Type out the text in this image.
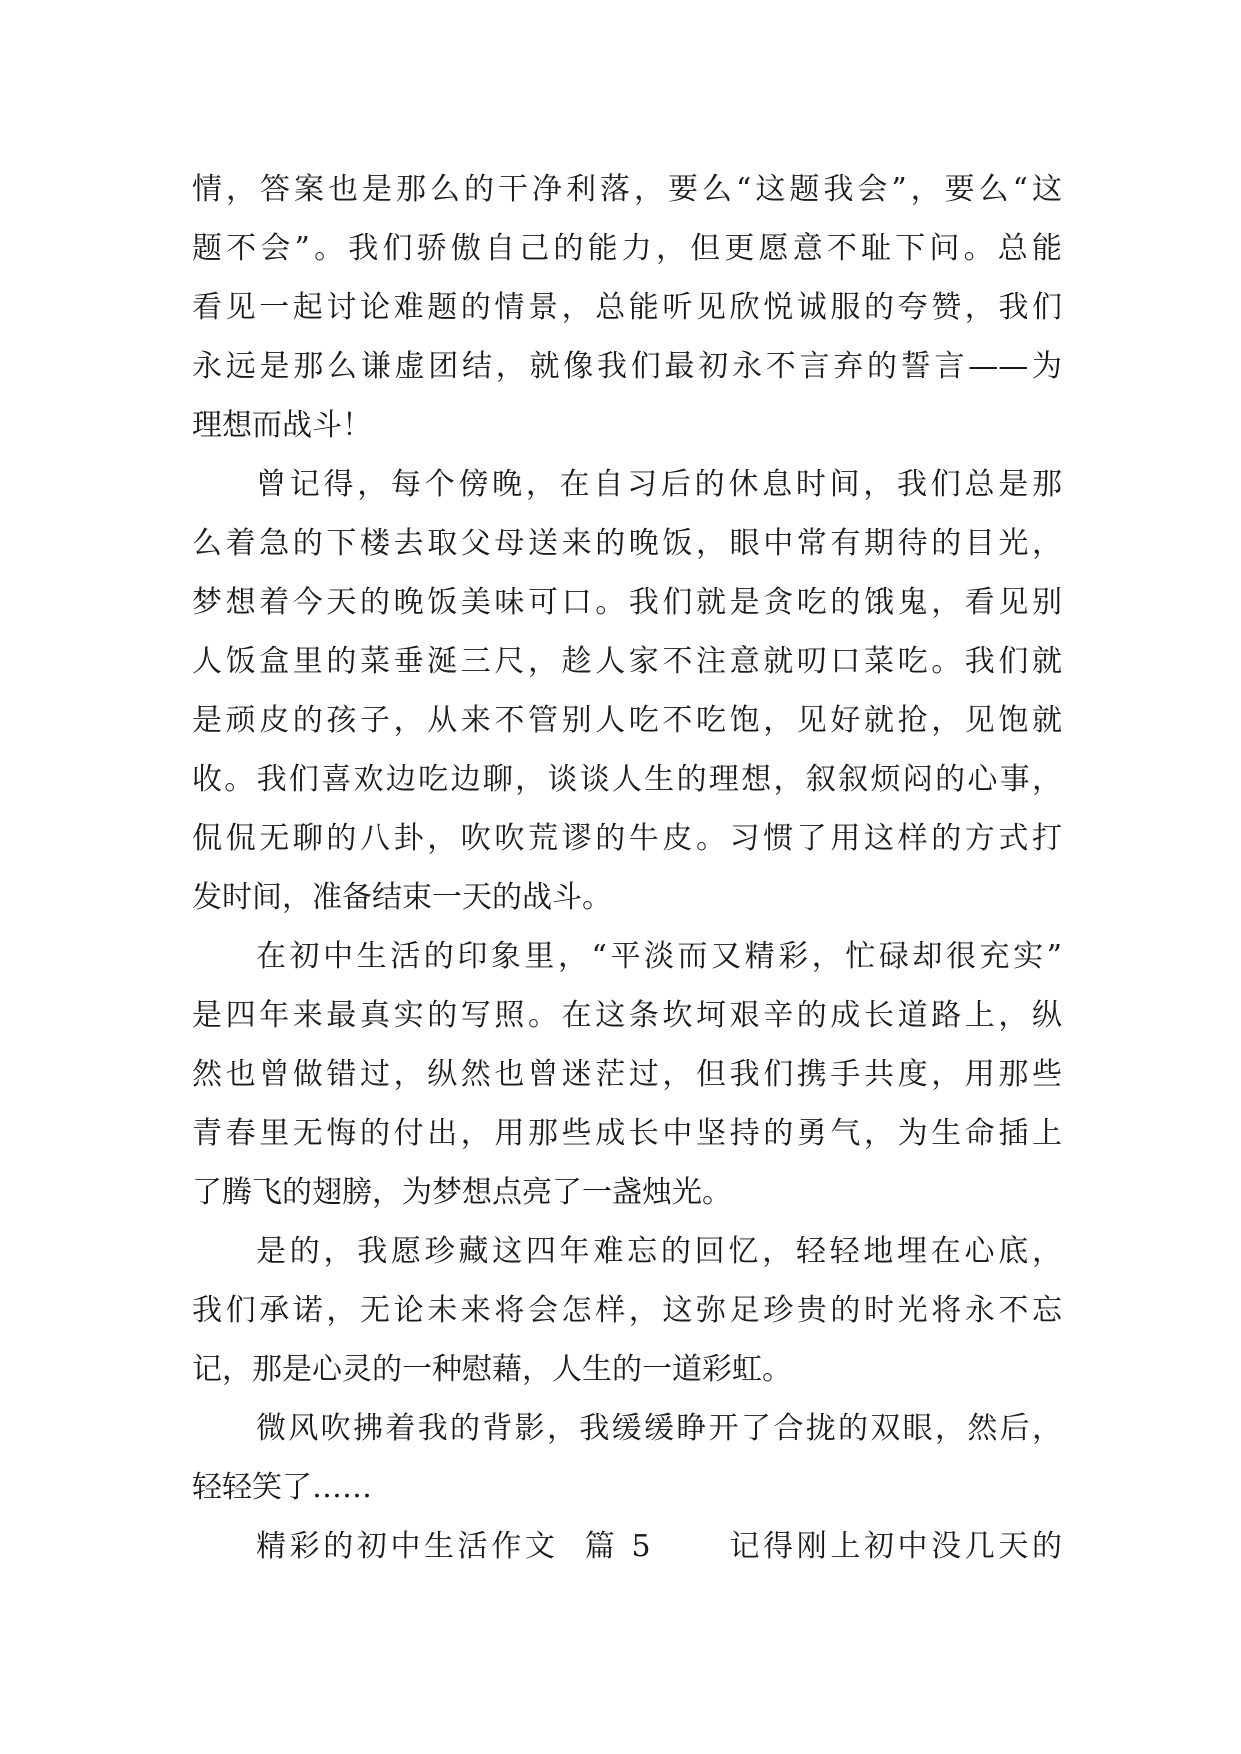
情，答案也是那么的干净利落，要么“这题我会”，要么“这
题不会”。我们骄傲自己的能力，但更愿意不耻下问。总能
看见一起讨论难题的情景，总能听见欣悦诚服的夸赞，我们
永远是那么谦虚团结，就像我们最初永不言弃的誓言——为
理想而战斗！
曾记得，每个傍晚，在自习后的休息时间，我们总是那
么着急的下楼去取父母送来的晚饭，眼中常有期待的目光，
梦想着今天的晚饭美味可口。我们就是贪吃的饿鬼，看见别
人饭盒里的菜垂涎三尺，趁人家不注意就叨口菜吃。我们就
是顽皮的孩子，从来不管别人吃不吃饱，见好就抢，见饱就
收。我们喜欢边吃边聊，谈谈人生的理想，叙叙烦闷的心事，
侃侃无聊的八卦，吹吹荒谬的牛皮。习惯了用这样的方式打
发时间，准备结束一天的战斗。
在初中生活的印象里，“平淡而又精彩，忙碌却很充实”
是四年来最真实的写照。在这条坎坷艰辛的成长道路上，纵
然也曾做错过，纵然也曾迷茫过，但我们携手共度，用那些
青春里无悔的付出，用那些成长中坚持的勇气，为生命插上
了腾飞的翅膀，为梦想点亮了一盏烛光。
是的，我愿珍藏这四年难忘的回忆，轻轻地埋在心底，
我们承诺，无论未来将会怎样，这弥足珍贵的时光将永不忘
记，那是心灵的一种慰藉，人生的一道彩虹。
微风吹拂着我的背影，我缓缓睁开了合拢的双眼，然后，
轻轻笑了……
精彩的初中生活作文  篇 5      记得刚上初中没几天的
